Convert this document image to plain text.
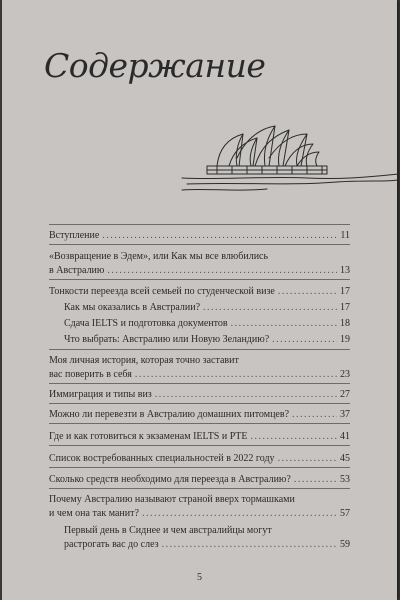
Содержание
Вступление .....	11
«Возвращение в Эдем», или Как мы все влюбились
в Австралию .....	13
Тонкости переезда всей семьей по студенческой визе .....	17
Как мы оказались в Австралии? .....	17
Сдача IELTS и подготовка документов .....	18
Что выбрать: Австралию или Новую Зеландию? .....	19
Моя личная история, которая точно заставит
вас поверить в себя .....	23
Иммиграция и типы виз .....	27
Можно ли перевезти в Австралию домашних питомцев? .....	37
Где и как готовиться к экзаменам IELTS и PTE .....	41
Список востребованных специальностей в 2022 году .....	45
Сколько средств необходимо для переезда в Австралию? .....	53
Почему Австралию называют страной вверх тормашками
и чем она так манит? .....	57
Первый день в Сиднее и чем австралийцы могут
растрогать вас до слез .....	59
5
